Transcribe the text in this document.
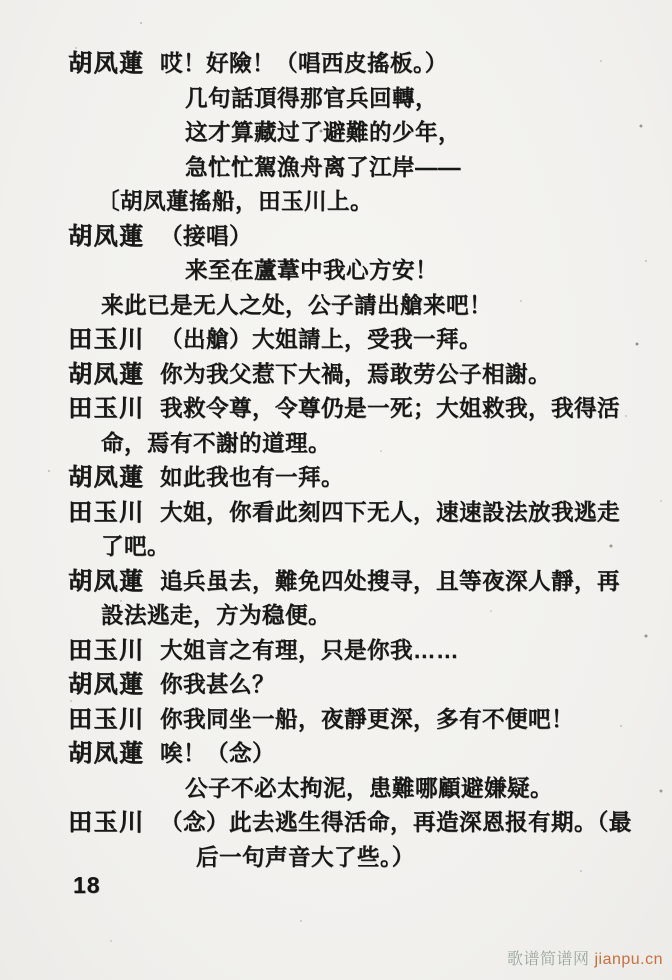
胡凤蓮 哎！好險！（唱西皮搖板。）
几句話頂得那官兵回轉，
这才算藏过了避難的少年，
急忙忙駕漁舟离了江岸——
〔胡凤蓮搖船，田玉川上。
胡凤蓮 （接唱）
来至在蘆葦中我心方安！
来此已是无人之处，公子請出艙来吧！
田玉川 （出艙）大姐請上，受我一拜。
胡凤蓮 你为我父惹下大禍，焉敢劳公子相謝。
田玉川 我救令尊，令尊仍是一死；大姐救我，我得活
命，焉有不謝的道理。
胡凤蓮 如此我也有一拜。
田玉川 大姐，你看此刻四下无人，速速設法放我逃走
了吧。
胡凤蓮 追兵虽去，難免四处搜寻，且等夜深人靜，再
設法逃走，方为稳便。
田玉川 大姐言之有理，只是你我……
胡凤蓮 你我甚么？
田玉川 你我同坐一船，夜靜更深，多有不便吧！
胡凤蓮 唉！（念）
公子不必太拘泥，患難哪顧避嫌疑。
田玉川 （念）此去逃生得活命，再造深恩报有期。（最
后一句声音大了些。）
18
歌谱简谱网 jianpu.cn
